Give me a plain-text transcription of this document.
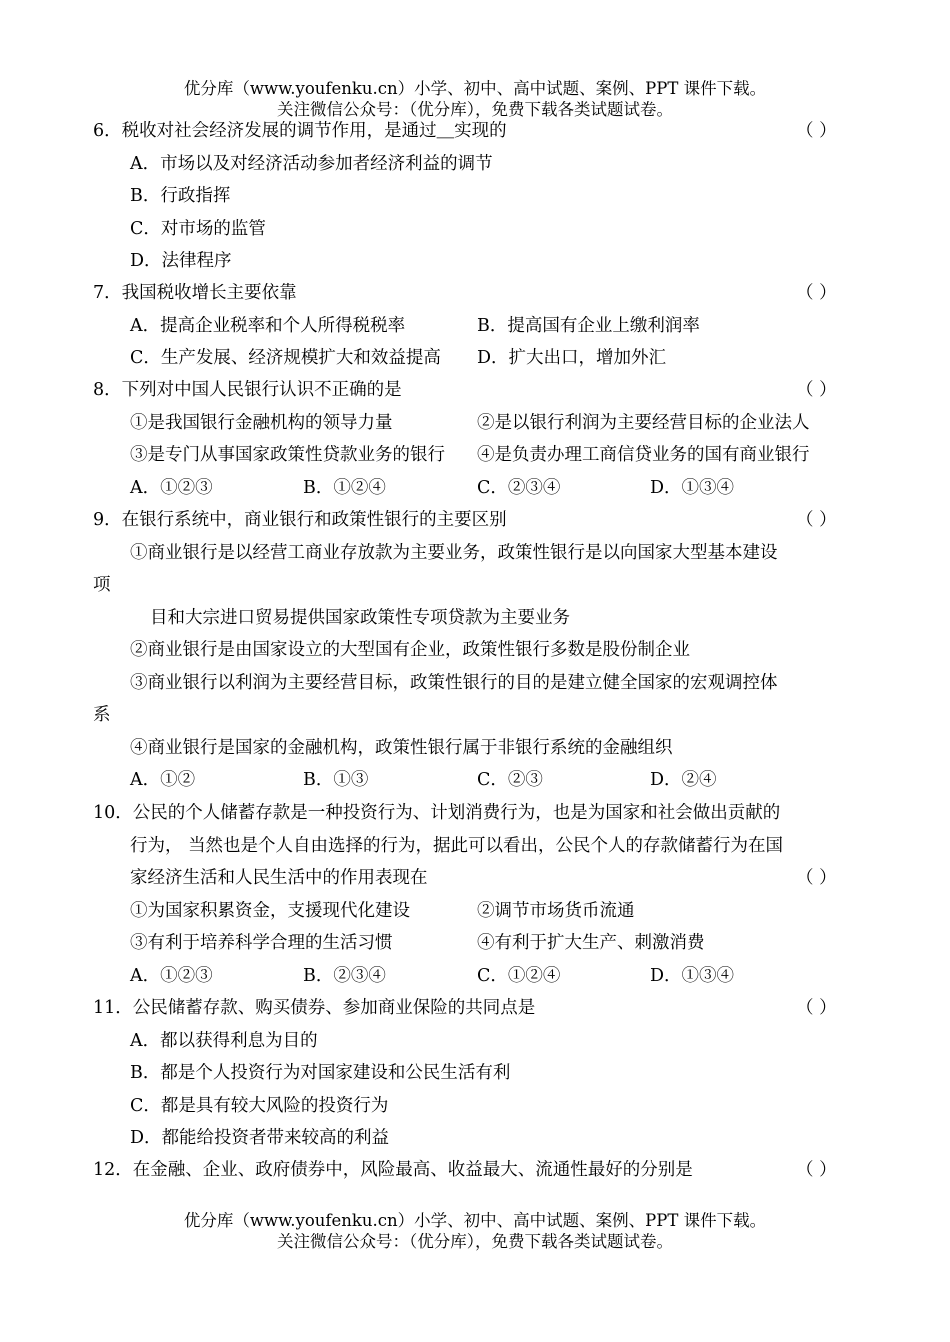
优分库（www.youfenku.cn）小学、初中、高中试题、案例、PPT 课件下载。
关注微信公众号：（优分库），免费下载各类试题试卷。
6．税收对社会经济发展的调节作用，是通过＿实现的	（ ）
A．市场以及对经济活动参加者经济利益的调节
B．行政指挥
C．对市场的监管
D．法律程序
7．我国税收增长主要依靠	（ ）
A．提高企业税率和个人所得税税率	B．提高国有企业上缴利润率
C．生产发展、经济规模扩大和效益提高 D．扩大出口，增加外汇
8．下列对中国人民银行认识不正确的是	（ ）
①是我国银行金融机构的领导力量	②是以银行利润为主要经营目标的企业法人
③是专门从事国家政策性贷款业务的银行 ④是负责办理工商信贷业务的国有商业银行
A．①②③	B．①②④	C．②③④	D．①③④
9．在银行系统中，商业银行和政策性银行的主要区别	（ ）
①商业银行是以经营工商业存放款为主要业务，政策性银行是以向国家大型基本建设
项
目和大宗进口贸易提供国家政策性专项贷款为主要业务
②商业银行是由国家设立的大型国有企业，政策性银行多数是股份制企业
③商业银行以利润为主要经营目标，政策性银行的目的是建立健全国家的宏观调控体
系
④商业银行是国家的金融机构，政策性银行属于非银行系统的金融组织
A．①②	B．①③	C．②③	D．②④
10．公民的个人储蓄存款是一种投资行为、计划消费行为，也是为国家和社会做出贡献的
行为， 当然也是个人自由选择的行为，据此可以看出，公民个人的存款储蓄行为在国
家经济生活和人民生活中的作用表现在	（ ）
①为国家积累资金，支援现代化建设	②调节市场货币流通
③有利于培养科学合理的生活习惯	④有利于扩大生产、刺激消费
A．①②③	B．②③④	C．①②④	D．①③④
11．公民储蓄存款、购买债券、参加商业保险的共同点是	（ ）
A．都以获得利息为目的
B．都是个人投资行为对国家建设和公民生活有利
C．都是具有较大风险的投资行为
D．都能给投资者带来较高的利益
12．在金融、企业、政府债券中，风险最高、收益最大、流通性最好的分别是	（ ）
优分库（www.youfenku.cn）小学、初中、高中试题、案例、PPT 课件下载。
关注微信公众号：（优分库），免费下载各类试题试卷。
